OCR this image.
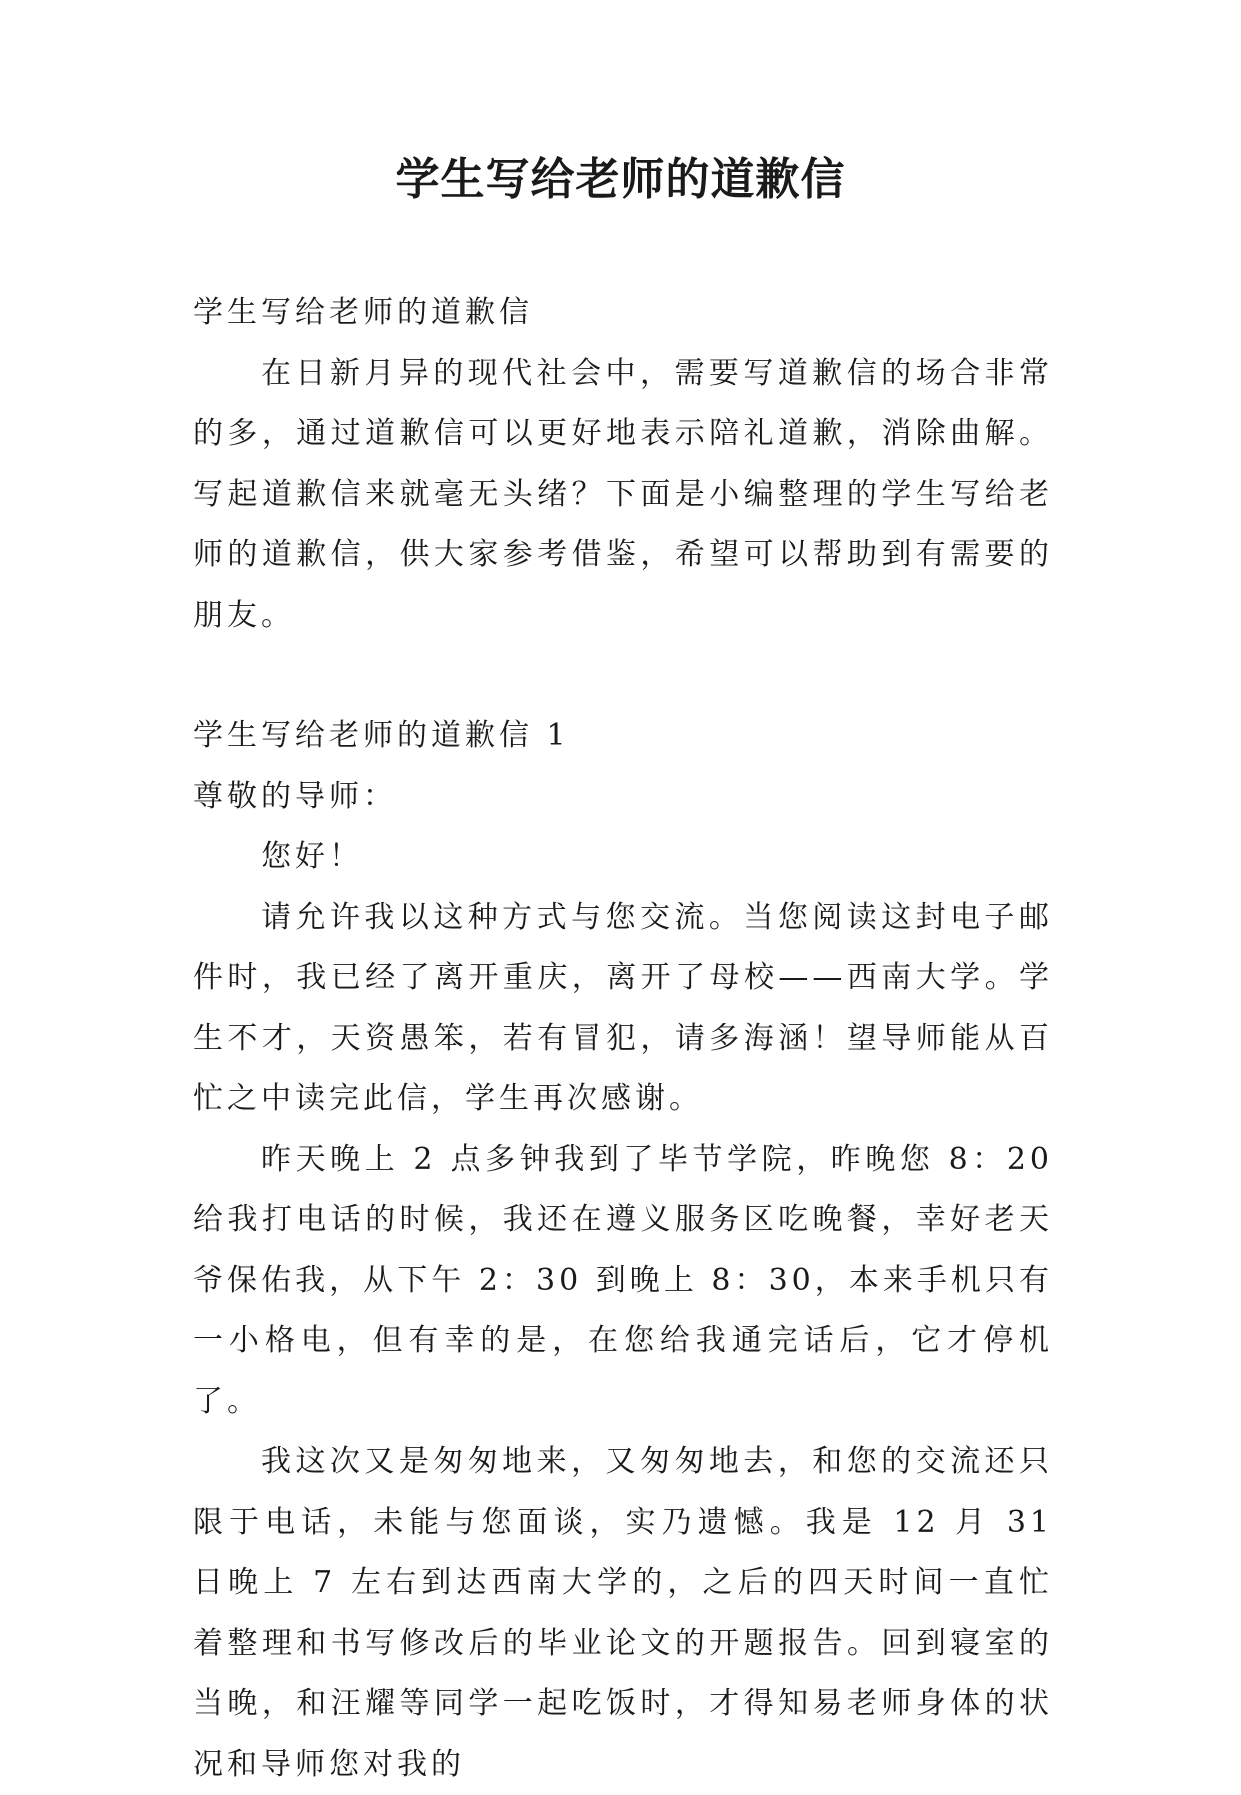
学生写给老师的道歉信

学生写给老师的道歉信

在日新月异的现代社会中，需要写道歉信的场合非常的多，通过道歉信可以更好地表示陪礼道歉，消除曲解。写起道歉信来就毫无头绪？下面是小编整理的学生写给老师的道歉信，供大家参考借鉴，希望可以帮助到有需要的朋友。

学生写给老师的道歉信 1

尊敬的导师：

您好！

请允许我以这种方式与您交流。当您阅读这封电子邮件时，我已经了离开重庆，离开了母校——西南大学。学生不才，天资愚笨，若有冒犯，请多海涵！望导师能从百忙之中读完此信，学生再次感谢。

昨天晚上 2 点多钟我到了毕节学院，昨晚您 8：20 给我打电话的时候，我还在遵义服务区吃晚餐，幸好老天爷保佑我，从下午 2：30 到晚上 8：30，本来手机只有一小格电，但有幸的是，在您给我通完话后，它才停机了。

我这次又是匆匆地来，又匆匆地去，和您的交流还只限于电话，未能与您面谈，实乃遗憾。我是 12 月 31 日晚上 7 左右到达西南大学的，之后的四天时间一直忙着整理和书写修改后的毕业论文的开题报告。回到寝室的当晚，和汪耀等同学一起吃饭时，才得知易老师身体的状况和导师您对我的
